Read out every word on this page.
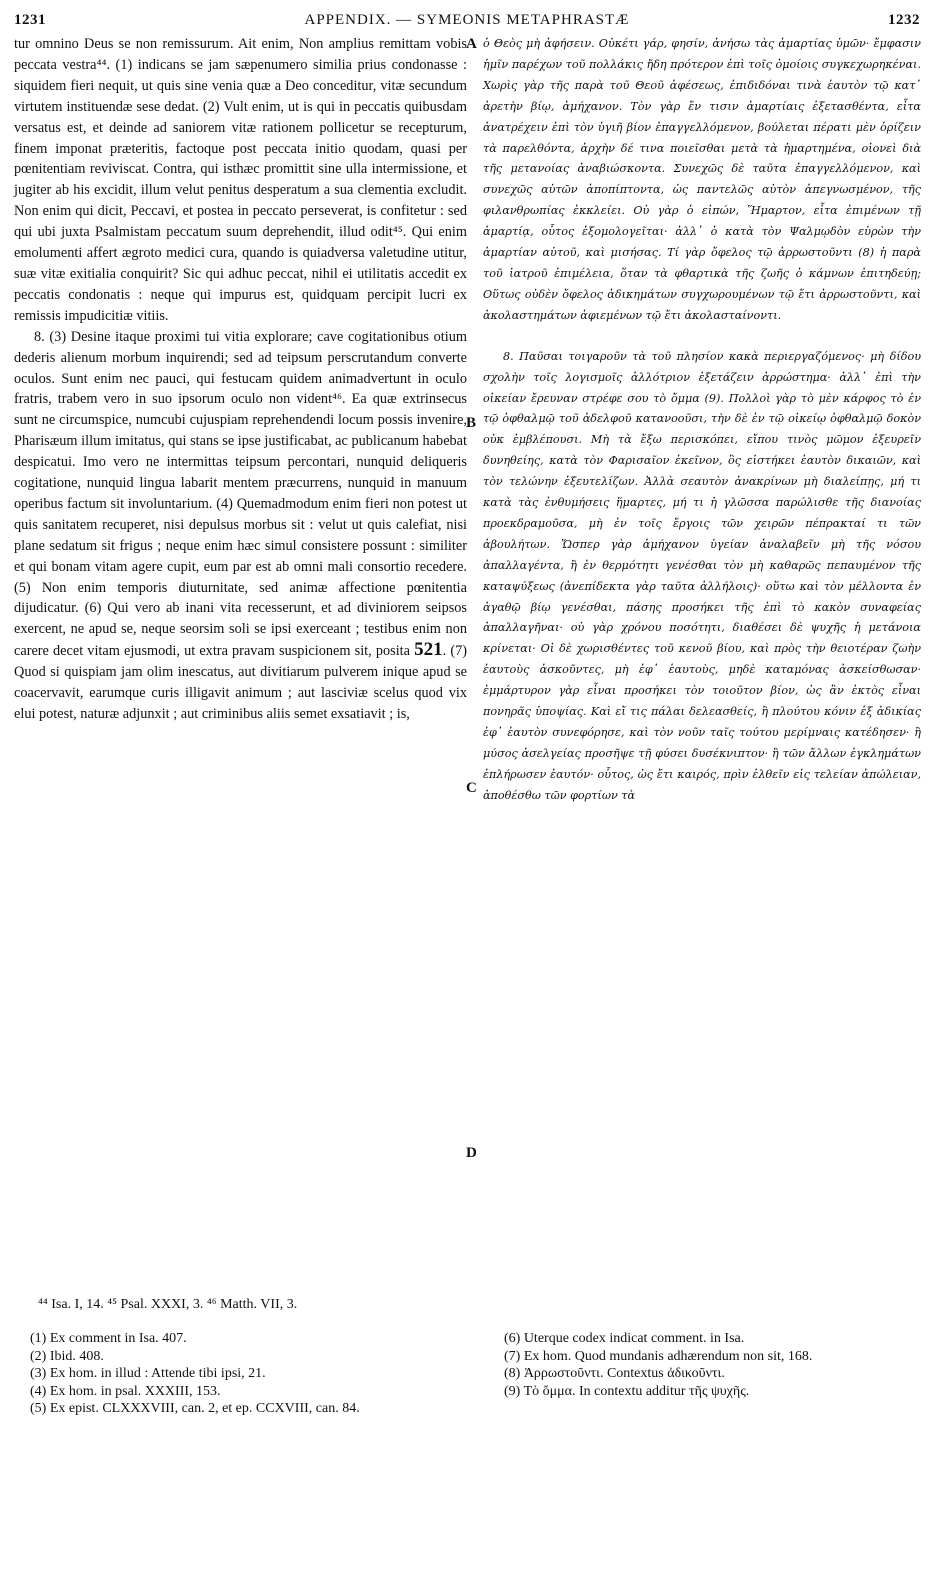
1231	APPENDIX. — SYMEONIS METAPHRASTÆ	1232

tur omnino Deus se non remissurum. Ait enim, Non amplius remittam vobis peccata vestra⁴⁴. (1) indicans se jam sæpenumero similia prius condonasse : siquidem fieri nequit, ut quis sine venia quæ a Deo conceditur, vitæ secundum virtutem instituendæ sese dedat. (2) Vult enim, ut is qui in peccatis quibusdam versatus est, et deinde ad saniorem vitæ rationem pollicetur se recepturum, finem imponat præteritis, factoque post peccata initio quodam, quasi per pœnitentiam reviviscat. Contra, qui isthæc promittit sine ulla intermissione, et jugiter ab his excidit, illum velut penitus desperatum a sua clementia excludit. Non enim qui dicit, Peccavi, et postea in peccato perseverat, is confitetur : sed qui ubi juxta Psalmistam peccatum suum deprehendit, illud odit⁴⁵. Qui enim emolumenti affert ægroto medici cura, quando is quiadversa valetudine utitur, suæ vitæ exitialia conquirit? Sic qui adhuc peccat, nihil ei utilitatis accedit ex peccatis condonatis : neque qui impurus est, quidquam percipit lucri ex remissis impudicitiæ vitiis.

8. (3) Desine itaque proximi tui vitia explorare; cave cogitationibus otium dederis alienum morbum inquirendi; sed ad teipsum perscrutandum converte oculos. Sunt enim nec pauci, qui festucam quidem animadvertunt in oculo fratris, trabem vero in suo ipsorum oculo non vident⁴⁶. Ea quæ extrinsecus sunt ne circumspice, numcubi cujuspiam reprehendendi locum possis invenire, Pharisæum illum imitatus, qui stans se ipse justificabat, ac publicanum habebat despicatui. Imo vero ne intermittas teipsum percontari, nunquid deliqueris cogitatione, nunquid lingua labarit mentem præcurrens, nunquid in manuum operibus factum sit involuntarium. (4) Quemadmodum enim fieri non potest ut quis sanitatem recuperet, nisi depulsus morbus sit : velut ut quis calefiat, nisi plane sedatum sit frigus ; neque enim hæc simul consistere possunt : similiter et qui bonam vitam agere cupit, eum par est ab omni mali consortio recedere. (5) Non enim temporis diuturnitate, sed animæ affectione pœnitentia dijudicatur. (6) Qui vero ab inani vita recesserunt, et ad diviniorem seipsos exercent, ne apud se, neque seorsim soli se ipsi exerceant ; testibus enim non carere decet vitam ejusmodi, ut extra pravam suspicionem sit, posita 521. (7) Quod si quispiam jam olim inescatus, aut divitiarum pulverem inique apud se coacervavit, earumque curis illigavit animum ; aut lasciviæ scelus quod vix elui potest, naturæ adjunxit ; aut criminibus aliis semet exsatiavit ; is,

A
B
C
D

ὁ Θεὸς μὴ ἀφήσειν. Οὐκέτι γάρ, φησίν, ἀνήσω τὰς ἁμαρτίας ὑμῶν· ἔμφασιν ἡμῖν παρέχων τοῦ πολλάκις ἤδη πρότερον ἐπὶ τοῖς ὁμοίοις συγκεχωρηκέναι. Χωρὶς γὰρ τῆς παρὰ τοῦ Θεοῦ ἀφέσεως, ἐπιδιδόναι τινὰ ἑαυτὸν τῷ κατ᾽ ἀρετὴν βίῳ, ἀμήχανον. Τὸν γὰρ ἔν τισιν ἁμαρτίαις ἐξετασθέντα, εἶτα ἀνατρέχειν ἐπὶ τὸν ὑγιῆ βίον ἐπαγγελλόμενον, βούλεται πέρατι μὲν ὁρίζειν τὰ παρελθόντα, ἀρχὴν δέ τινα ποιεῖσθαι μετὰ τὰ ἡμαρτημένα, οἱονεὶ διὰ τῆς μετανοίας ἀναβιώσκοντα. Συνεχῶς δὲ ταῦτα ἐπαγγελλόμενον, καὶ συνεχῶς αὐτῶν ἀποπίπτοντα, ὡς παντελῶς αὐτὸν ἀπεγνωσμένον, τῆς φιλανθρωπίας ἐκκλείει. Οὐ γὰρ ὁ εἰπών, Ἥμαρτον, εἶτα ἐπιμένων τῇ ἁμαρτίᾳ, οὗτος ἐξομολογεῖται· ἀλλ᾽ ὁ κατὰ τὸν Ψαλμῳδὸν εὑρὼν τὴν ἁμαρτίαν αὐτοῦ, καὶ μισήσας. Τί γὰρ ὄφελος τῷ ἀρρωστοῦντι (8) ἡ παρὰ τοῦ ἰατροῦ ἐπιμέλεια, ὅταν τὰ φθαρτικὰ τῆς ζωῆς ὁ κάμνων ἐπιτηδεύῃ; Οὕτως οὐδὲν ὄφελος ἀδικημάτων συγχωρουμένων τῷ ἔτι ἀρρωστοῦντι, καὶ ἀκολαστημάτων ἀφιεμένων τῷ ἔτι ἀκολασταίνοντι.

8. Παῦσαι τοιγαροῦν τὰ τοῦ πλησίον κακὰ περιεργαζόμενος· μὴ δίδου σχολὴν τοῖς λογισμοῖς ἀλλότριον ἐξετάζειν ἀρρώστημα· ἀλλ᾽ ἐπὶ τὴν οἰκείαν ἔρευναν στρέφε σου τὸ ὄμμα (9). Πολλοὶ γὰρ τὸ μὲν κάρφος τὸ ἐν τῷ ὀφθαλμῷ τοῦ ἀδελφοῦ κατανοοῦσι, τὴν δὲ ἐν τῷ οἰκείῳ ὀφθαλμῷ δοκὸν οὐκ ἐμβλέπουσι. Μὴ τὰ ἔξω περισκόπει, εἴπου τινὸς μῶμον ἐξευρεῖν δυνηθείης, κατὰ τὸν Φαρισαῖον ἐκεῖνον, ὃς εἱστήκει ἑαυτὸν δικαιῶν, καὶ τὸν τελώνην ἐξευτελίζων. Ἀλλὰ σεαυτὸν ἀνακρίνων μὴ διαλείπῃς, μή τι κατὰ τὰς ἐνθυμήσεις ἥμαρτες, μή τι ἡ γλῶσσα παρώλισθε τῆς διανοίας προεκδραμοῦσα, μὴ ἐν τοῖς ἔργοις τῶν χειρῶν πέπρακταί τι τῶν ἀβουλήτων. Ὥσπερ γὰρ ἀμήχανον ὑγείαν ἀναλαβεῖν μὴ τῆς νόσου ἀπαλλαγέντα, ἢ ἐν θερμότητι γενέσθαι τὸν μὴ καθαρῶς πεπαυμένον τῆς καταψύξεως (ἀνεπίδεκτα γὰρ ταῦτα ἀλλήλοις)· οὕτω καὶ τὸν μέλλοντα ἐν ἀγαθῷ βίῳ γενέσθαι, πάσης προσήκει τῆς ἐπὶ τὸ κακὸν συναφείας ἀπαλλαγῆναι· οὐ γὰρ χρόνου ποσότητι, διαθέσει δὲ ψυχῆς ἡ μετάνοια κρίνεται· Οἱ δὲ χωρισθέντες τοῦ κενοῦ βίου, καὶ πρὸς τὴν θειοτέραν ζωὴν ἑαυτοὺς ἀσκοῦντες, μὴ ἐφ᾽ ἑαυτοὺς, μηδὲ καταμόνας ἀσκείσθωσαν· ἐμμάρτυρον γὰρ εἶναι προσήκει τὸν τοιοῦτον βίον, ὡς ἂν ἐκτὸς εἶναι πονηρᾶς ὑποψίας. Καὶ εἴ τις πάλαι δελεασθείς, ἢ πλούτου κόνιν ἐξ ἀδικίας ἐφ᾽ ἑαυτὸν συνεφόρησε, καὶ τὸν νοῦν ταῖς τούτου μερίμναις κατέδησεν· ἢ μύσος ἀσελγείας προσῆψε τῇ φύσει δυσέκνιπτον· ἢ τῶν ἄλλων ἐγκλημάτων ἐπλήρωσεν ἑαυτόν· οὗτος, ὡς ἔτι καιρός, πρὶν ἐλθεῖν εἰς τελείαν ἀπώλειαν, ἀποθέσθω τῶν φορτίων τὰ

⁴⁴ Isa. I, 14. ⁴⁵ Psal. XXXI, 3. ⁴⁶ Matth. VII, 3.
(1) Ex comment in Isa. 407.
(2) Ibid. 408.
(3) Ex hom. in illud : Attende tibi ipsi, 21.
(4) Ex hom. in psal. XXXIII, 153.
(5) Ex epist. CLXXXVIII, can. 2, et ep. CCXVIII, can. 84.
(6) Uterque codex indicat comment. in Isa.
(7) Ex hom. Quod mundanis adhærendum non sit, 168.
(8) Ἀρρωστοῦντι. Contextus ἀδικοῦντι.
(9) Τὸ ὄμμα. In contextu additur τῆς ψυχῆς.
